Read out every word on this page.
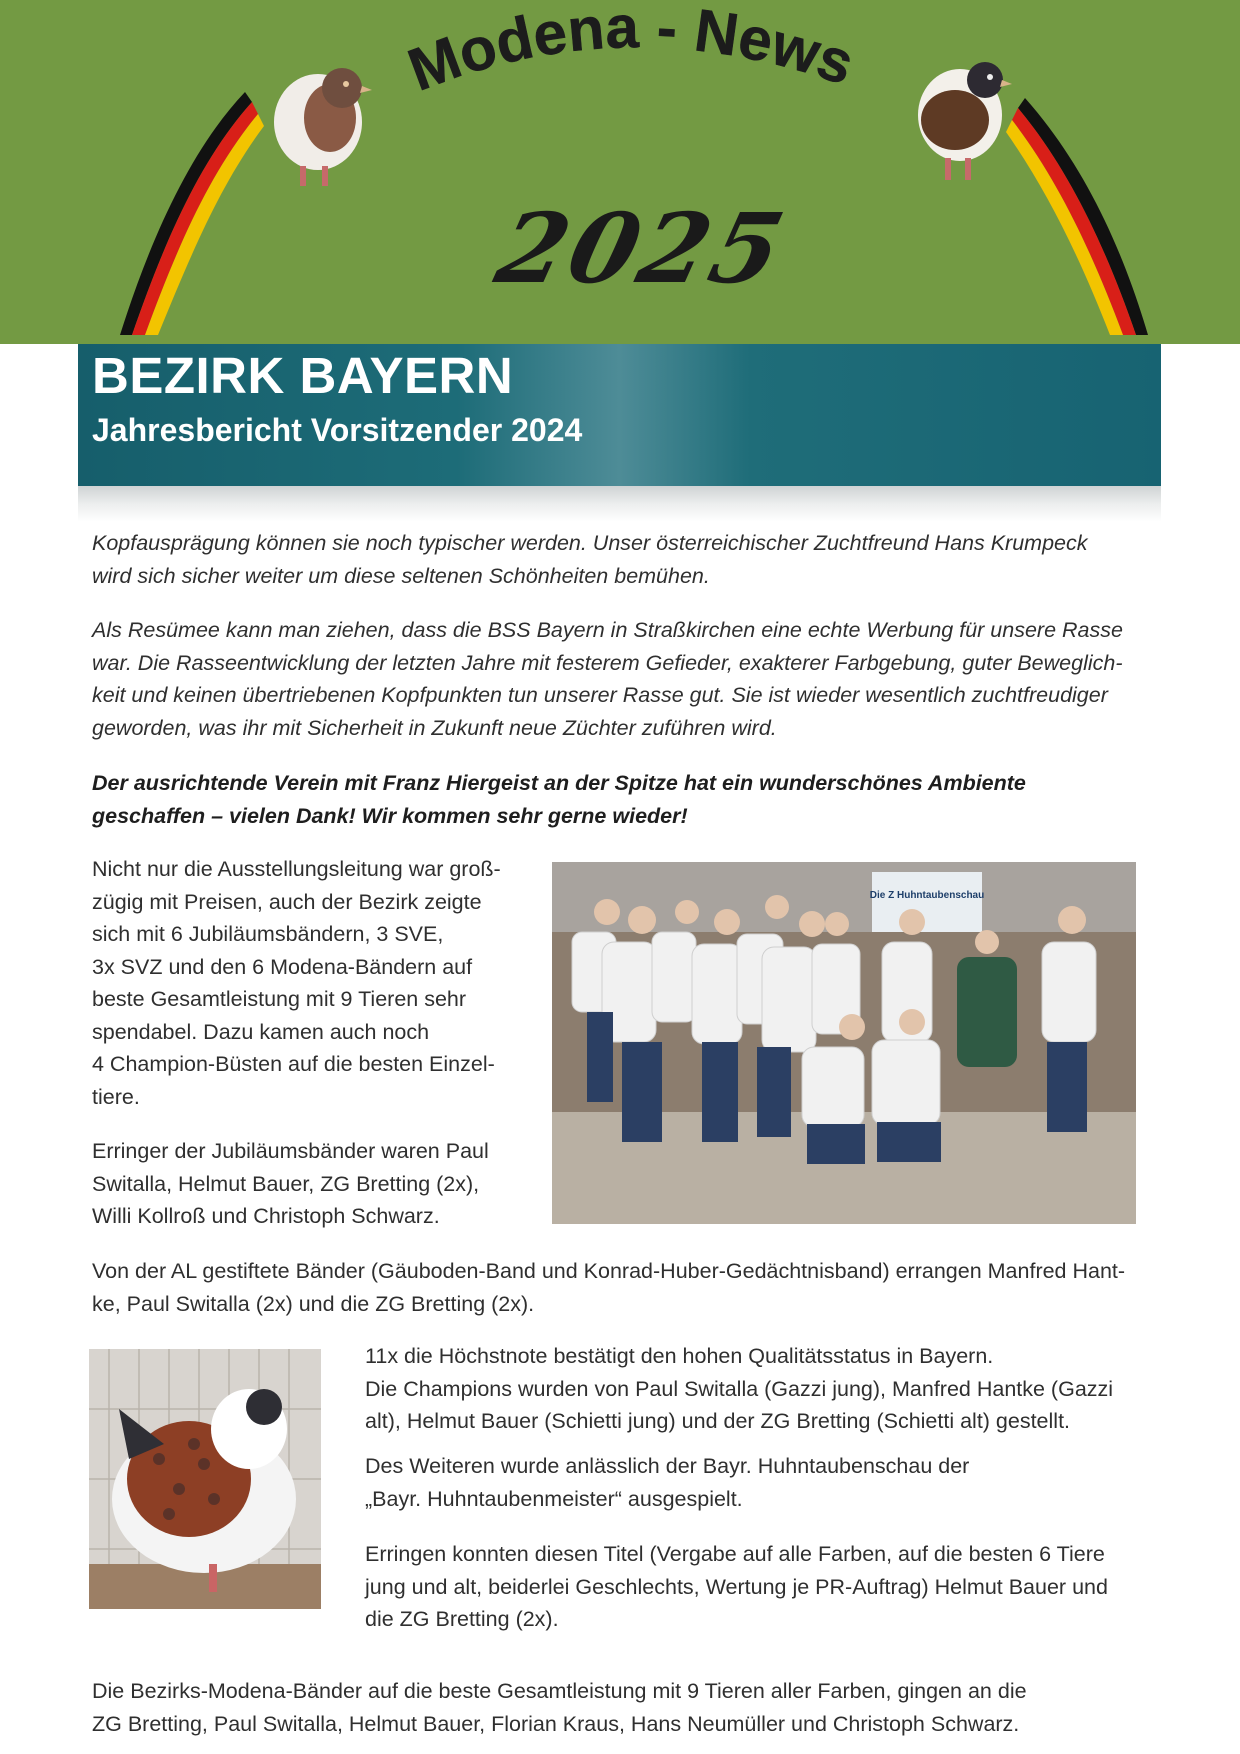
Modena - News
2025
BEZIRK BAYERN
Jahresbericht Vorsitzender 2024

Kopfausprägung können sie noch typischer werden. Unser österreichischer Zuchtfreund Hans Krumpeck
wird sich sicher weiter um diese seltenen Schönheiten bemühen.

Als Resümee kann man ziehen, dass die BSS Bayern in Straßkirchen eine echte Werbung für unsere Rasse
war. Die Rasseentwicklung der letzten Jahre mit festerem Gefieder, exakterer Farbgebung, guter Beweglich-
keit und keinen übertriebenen Kopfpunkten tun unserer Rasse gut. Sie ist wieder wesentlich zuchtfreudiger
geworden, was ihr mit Sicherheit in Zukunft neue Züchter zuführen wird.

Der ausrichtende Verein mit Franz Hiergeist an der Spitze hat ein wunderschönes Ambiente
geschaffen – vielen Dank! Wir kommen sehr gerne wieder!

Nicht nur die Ausstellungsleitung war groß-
zügig mit Preisen, auch der Bezirk zeigte
sich mit 6 Jubiläumsbändern, 3 SVE,
3x SVZ und den 6 Modena-Bändern auf
beste Gesamtleistung mit 9 Tieren sehr
spendabel. Dazu kamen auch noch
4 Champion-Büsten auf die besten Einzel-
tiere.

Erringer der Jubiläumsbänder waren Paul
Switalla, Helmut Bauer, ZG Bretting (2x),
Willi Kollroß und Christoph Schwarz.

Die Z Huhntaubenschau

Von der AL gestiftete Bänder (Gäuboden-Band und Konrad-Huber-Gedächtnisband) errangen Manfred Hant-
ke, Paul Switalla (2x) und die ZG Bretting (2x).

11x die Höchstnote bestätigt den hohen Qualitätsstatus in Bayern.
Die Champions wurden von Paul Switalla (Gazzi jung), Manfred Hantke (Gazzi
alt), Helmut Bauer (Schietti jung) und der ZG Bretting (Schietti alt) gestellt.

Des Weiteren wurde anlässlich der Bayr. Huhntaubenschau der
„Bayr. Huhntaubenmeister“ ausgespielt.

Erringen konnten diesen Titel (Vergabe auf alle Farben, auf die besten 6 Tiere
jung und alt, beiderlei Geschlechts, Wertung je PR-Auftrag) Helmut Bauer und
die ZG Bretting (2x).

Die Bezirks-Modena-Bänder auf die beste Gesamtleistung mit 9 Tieren aller Farben, gingen an die
ZG Bretting, Paul Switalla, Helmut Bauer, Florian Kraus, Hans Neumüller und Christoph Schwarz.
